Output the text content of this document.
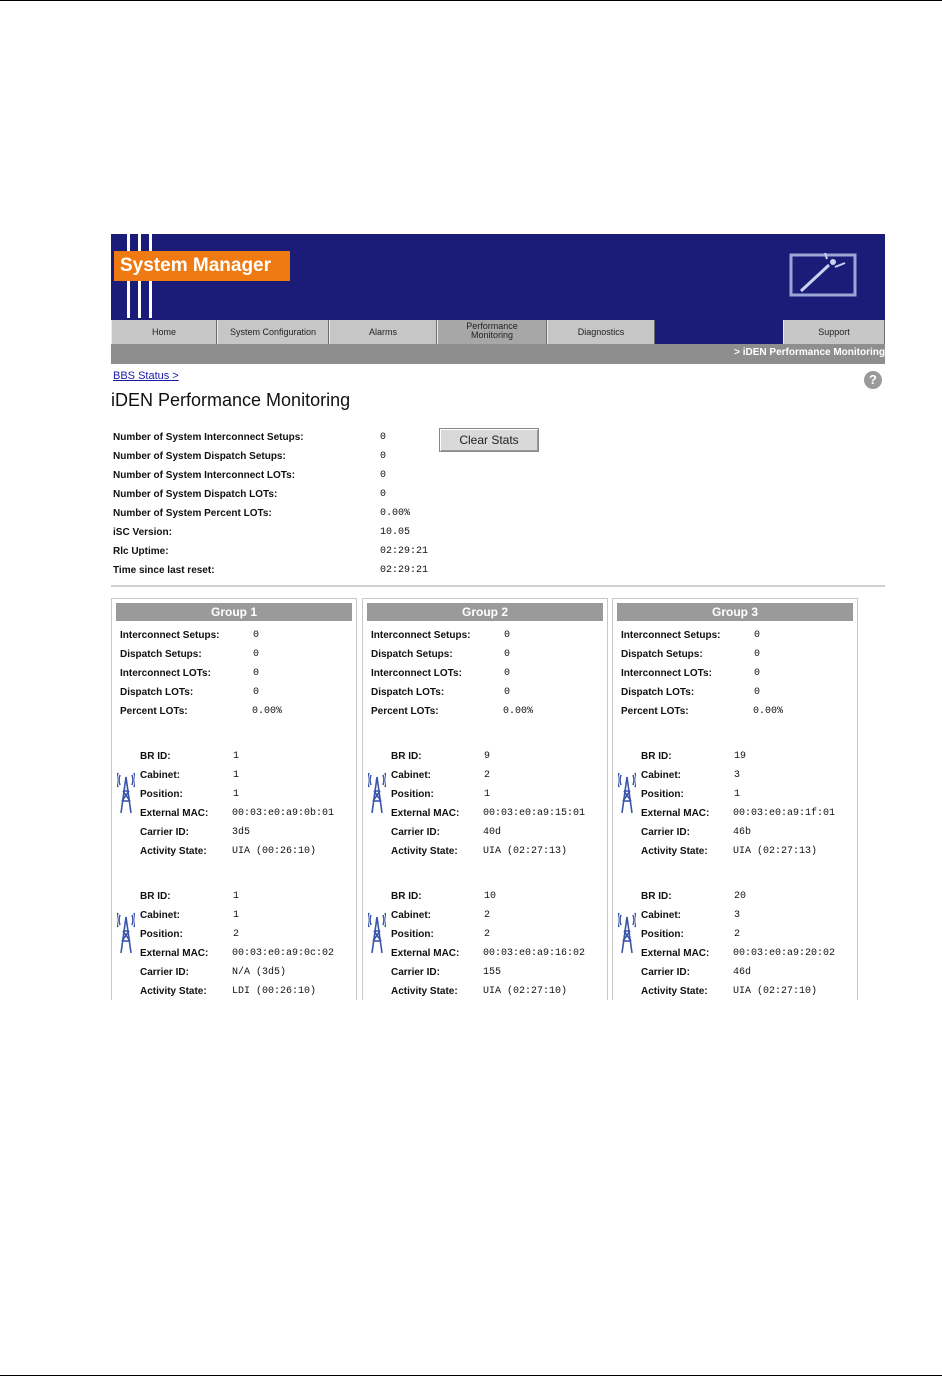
System Manager
Home	System Configuration	Alarms
Performance
Monitoring	Diagnostics	Support
> iDEN Performance Monitoring
BBS Status >	?
iDEN Performance Monitoring
Clear Stats
Number of System Interconnect Setups:	0
Number of System Dispatch Setups:	0
Number of System Interconnect LOTs:	0
Number of System Dispatch LOTs:	0
Number of System Percent LOTs:	0.00%
iSC Version:	10.05
Rlc Uptime:	02:29:21
Time since last reset:	02:29:21
Group 1
Interconnect Setups:	0
Dispatch Setups:	0
Interconnect LOTs:	0
Dispatch LOTs:	0
Percent LOTs:	0.00%
BR ID:	1
Cabinet:	1
Position:	1
External MAC: 00:03:e0:a9:0b:01
Carrier ID:	3d5
Activity State:	UIA (00:26:10)
BR ID:	1
Cabinet:	1
Position:	2
External MAC: 00:03:e0:a9:0c:02
Carrier ID:	N/A (3d5)
Activity State:	LDI (00:26:10)
Group 2
Interconnect Setups:	0
Dispatch Setups:	0
Interconnect LOTs:	0
Dispatch LOTs:	0
Percent LOTs:	0.00%
BR ID:	9
Cabinet:	2
Position:	1
External MAC: 00:03:e0:a9:15:01
Carrier ID:	40d
Activity State:	UIA (02:27:13)
BR ID:	10
Cabinet:	2
Position:	2
External MAC: 00:03:e0:a9:16:02
Carrier ID:	155
Activity State:	UIA (02:27:10)
Group 3
Interconnect Setups:	0
Dispatch Setups:	0
Interconnect LOTs:	0
Dispatch LOTs:	0
Percent LOTs:	0.00%
BR ID:	19
Cabinet:	3
Position:	1
External MAC: 00:03:e0:a9:1f:01
Carrier ID:	46b
Activity State:	UIA (02:27:13)
BR ID:	20
Cabinet:	3
Position:	2
External MAC: 00:03:e0:a9:20:02
Carrier ID:	46d
Activity State:	UIA (02:27:10)
